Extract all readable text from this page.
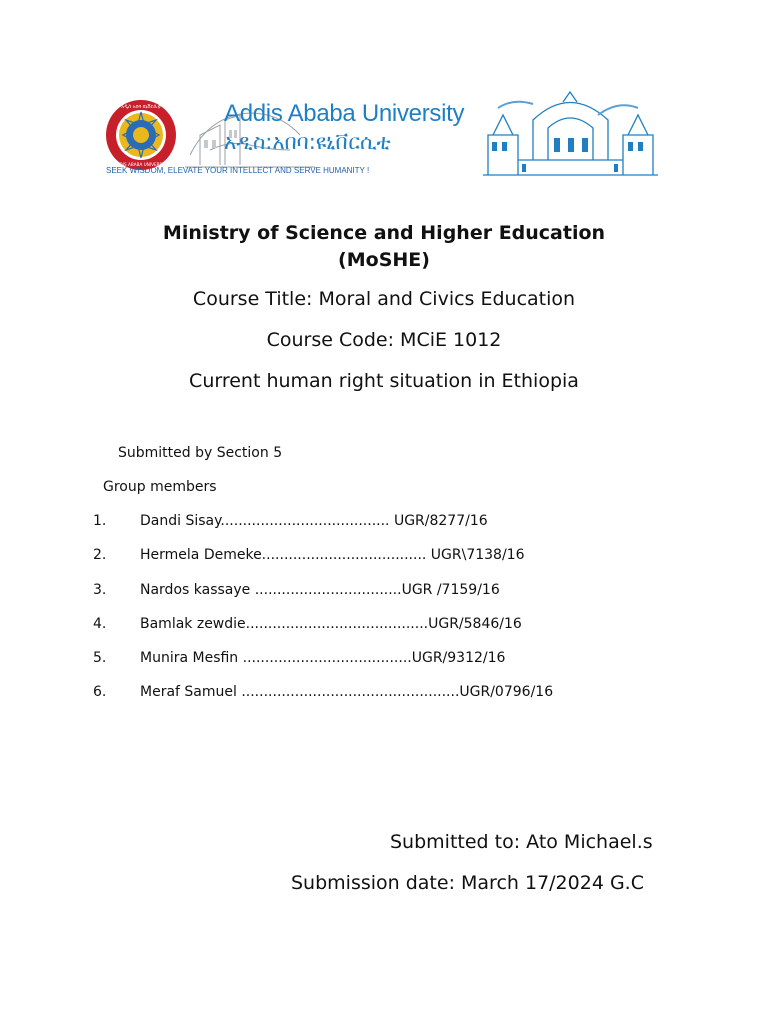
አዲስ አበባ ዩኒቨርሲቲ
ADDIS ABABA UNIVERSITY
Addis Ababa University
አዲስ:አበባ:ዩኒቨርሲቲ
SEEK WISDOM, ELEVATE YOUR INTELLECT AND SERVE HUMANITY !
Ministry of Science and Higher Education
(MoSHE)
Course Title: Moral and Civics Education
Course Code: MCiE 1012
Current human right situation in Ethiopia
Submitted by Section 5
Group members
1. Dandi Sisay...................................... UGR/8277/16
2. Hermela Demeke..................................... UGR\7138/16
3. Nardos kassaye .................................UGR /7159/16
4. Bamlak zewdie.........................................UGR/5846/16
5. Munira Mesfin ......................................UGR/9312/16
6. Meraf Samuel .................................................UGR/0796/16
Submitted to: Ato Michael.s
Submission date: March 17/2024 G.C
